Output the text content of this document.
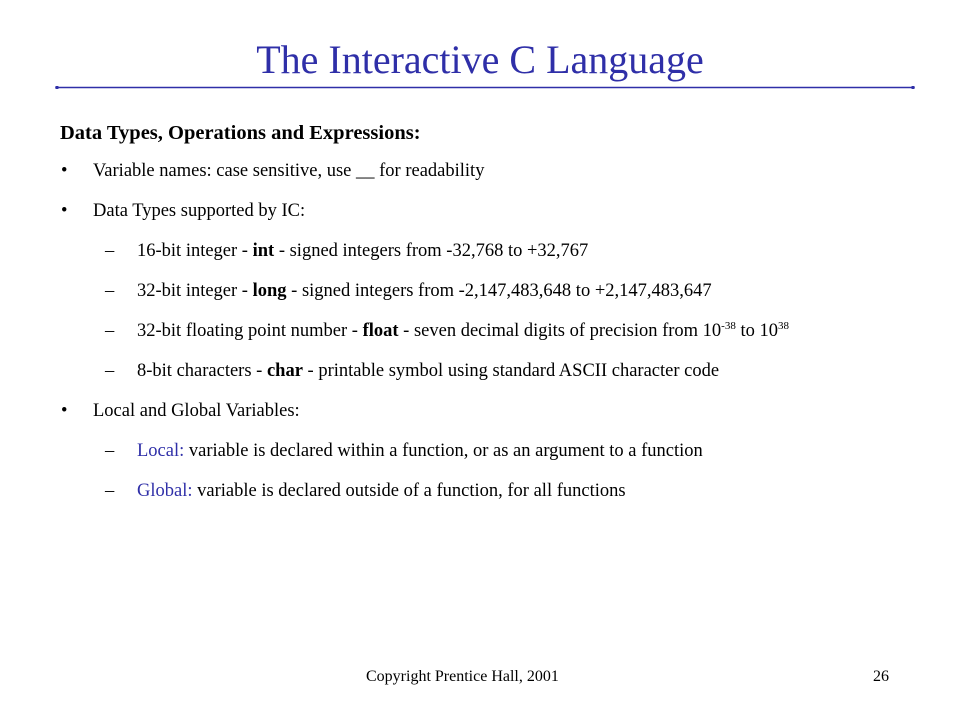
The Interactive C Language
Data Types, Operations and Expressions:
• Variable names: case sensitive, use __ for readability
• Data Types supported by IC:
– 16-bit integer - int - signed integers from -32,768 to +32,767
– 32-bit integer - long - signed integers from -2,147,483,648 to +2,147,483,647
– 32-bit floating point number - float - seven decimal digits of precision from $10^{-38}$ to $10^{38}$
– 8-bit characters - char - printable symbol using standard ASCII character code
• Local and Global Variables:
– Local: variable is declared within a function, or as an argument to a function
– Global: variable is declared outside of a function, for all functions
Copyright Prentice Hall, 2001	26
